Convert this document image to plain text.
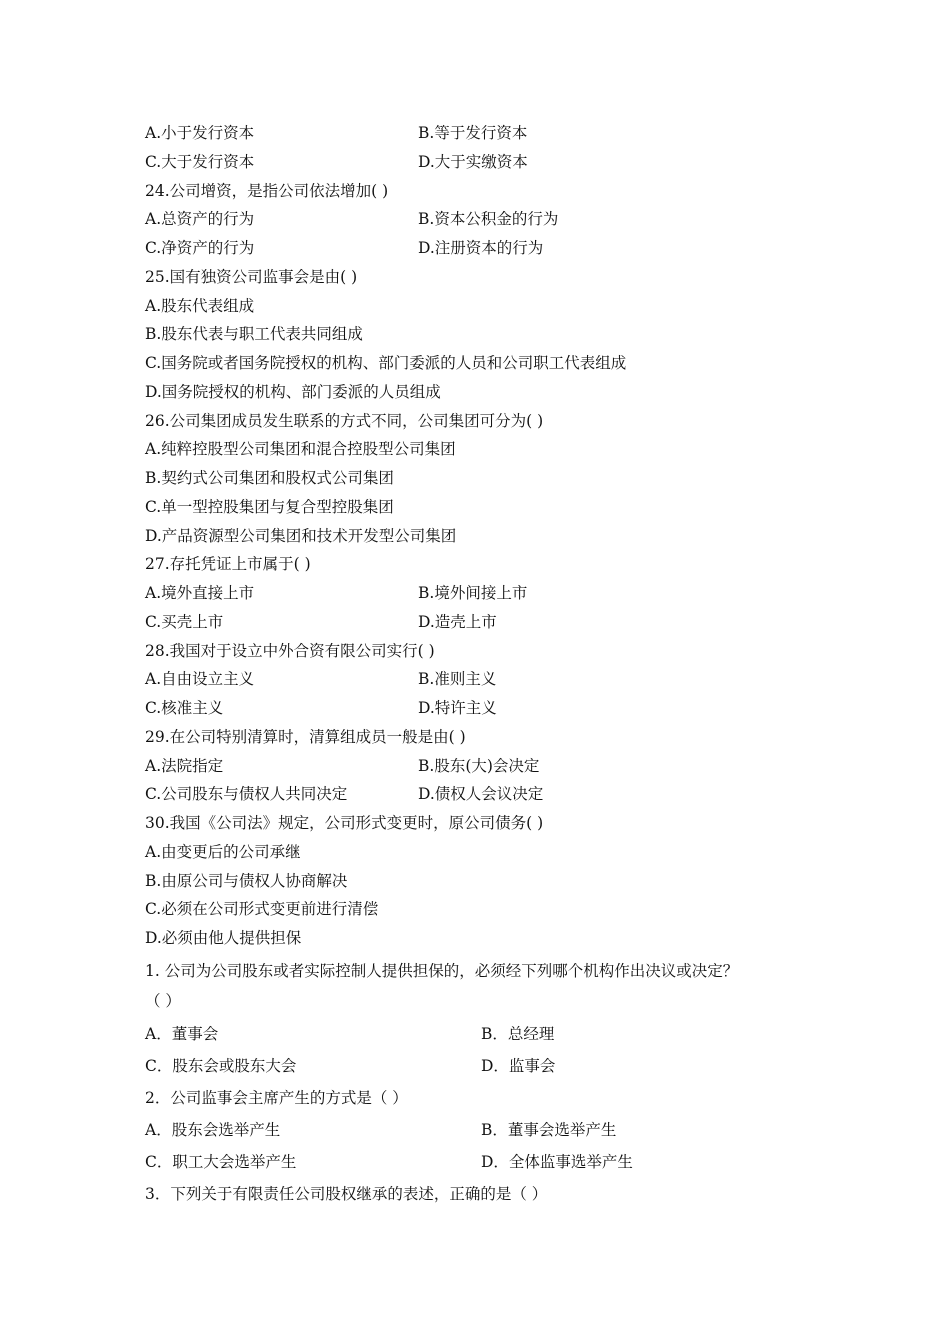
A.小于发行资本	B.等于发行资本
C.大于发行资本	D.大于实缴资本
24.公司增资，是指公司依法增加( )
A.总资产的行为	B.资本公积金的行为
C.净资产的行为	D.注册资本的行为
25.国有独资公司监事会是由( )
A.股东代表组成
B.股东代表与职工代表共同组成
C.国务院或者国务院授权的机构、部门委派的人员和公司职工代表组成
D.国务院授权的机构、部门委派的人员组成
26.公司集团成员发生联系的方式不同，公司集团可分为( )
A.纯粹控股型公司集团和混合控股型公司集团
B.契约式公司集团和股权式公司集团
C.单一型控股集团与复合型控股集团
D.产品资源型公司集团和技术开发型公司集团
27.存托凭证上市属于( )
A.境外直接上市	B.境外间接上市
C.买壳上市	D.造壳上市
28.我国对于设立中外合资有限公司实行( )
A.自由设立主义	B.准则主义
C.核准主义	D.特许主义
29.在公司特别清算时，清算组成员一般是由( )
A.法院指定	B.股东(大)会决定
C.公司股东与债权人共同决定	D.债权人会议决定
30.我国《公司法》规定，公司形式变更时，原公司债务( )
A.由变更后的公司承继
B.由原公司与债权人协商解决
C.必须在公司形式变更前进行清偿
D.必须由他人提供担保
1. 公司为公司股东或者实际控制人提供担保的，必须经下列哪个机构作出决议或决定？
（ ）
A．董事会	B．总经理
C．股东会或股东大会	D．监事会
2．公司监事会主席产生的方式是（ ）
A．股东会选举产生	B．董事会选举产生
C．职工大会选举产生	D．全体监事选举产生
3．下列关于有限责任公司股权继承的表述，正确的是（ ）
